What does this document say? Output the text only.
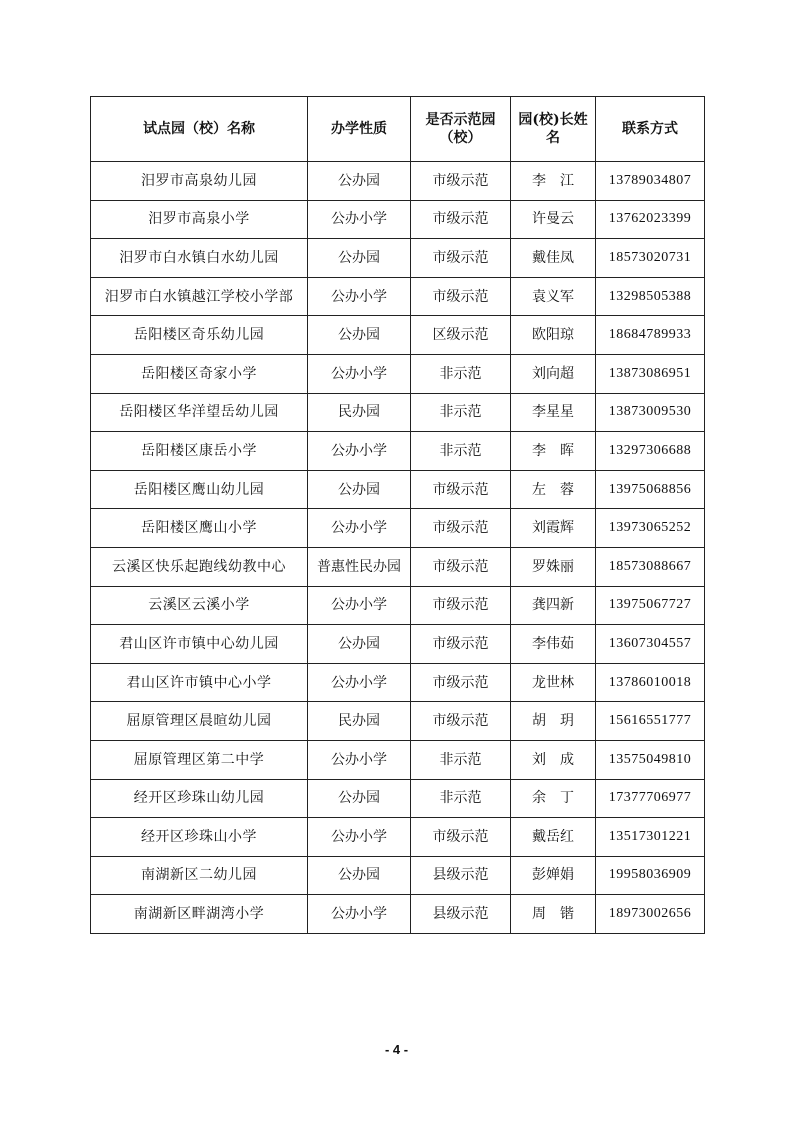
试点园（校）名称	办学性质	是否示范园（校）	园(校)长姓名	联系方式
汨罗市高泉幼儿园	公办园	市级示范	李　江	13789034807
汨罗市高泉小学	公办小学	市级示范	许曼云	13762023399
汨罗市白水镇白水幼儿园	公办园	市级示范	戴佳凤	18573020731
汨罗市白水镇越江学校小学部	公办小学	市级示范	袁义军	13298505388
岳阳楼区奇乐幼儿园	公办园	区级示范	欧阳琼	18684789933
岳阳楼区奇家小学	公办小学	非示范	刘向超	13873086951
岳阳楼区华洋望岳幼儿园	民办园	非示范	李星星	13873009530
岳阳楼区康岳小学	公办小学	非示范	李　晖	13297306688
岳阳楼区鹰山幼儿园	公办园	市级示范	左　蓉	13975068856
岳阳楼区鹰山小学	公办小学	市级示范	刘霞辉	13973065252
云溪区快乐起跑线幼教中心	普惠性民办园	市级示范	罗姝丽	18573088667
云溪区云溪小学	公办小学	市级示范	龚四新	13975067727
君山区许市镇中心幼儿园	公办园	市级示范	李伟茹	13607304557
君山区许市镇中心小学	公办小学	市级示范	龙世林	13786010018
屈原管理区晨暄幼儿园	民办园	市级示范	胡　玥	15616551777
屈原管理区第二中学	公办小学	非示范	刘　成	13575049810
经开区珍珠山幼儿园	公办园	非示范	余　丁	17377706977
经开区珍珠山小学	公办小学	市级示范	戴岳红	13517301221
南湖新区二幼儿园	公办园	县级示范	彭婵娟	19958036909
南湖新区畔湖湾小学	公办小学	县级示范	周　锴	18973002656
- 4 -
